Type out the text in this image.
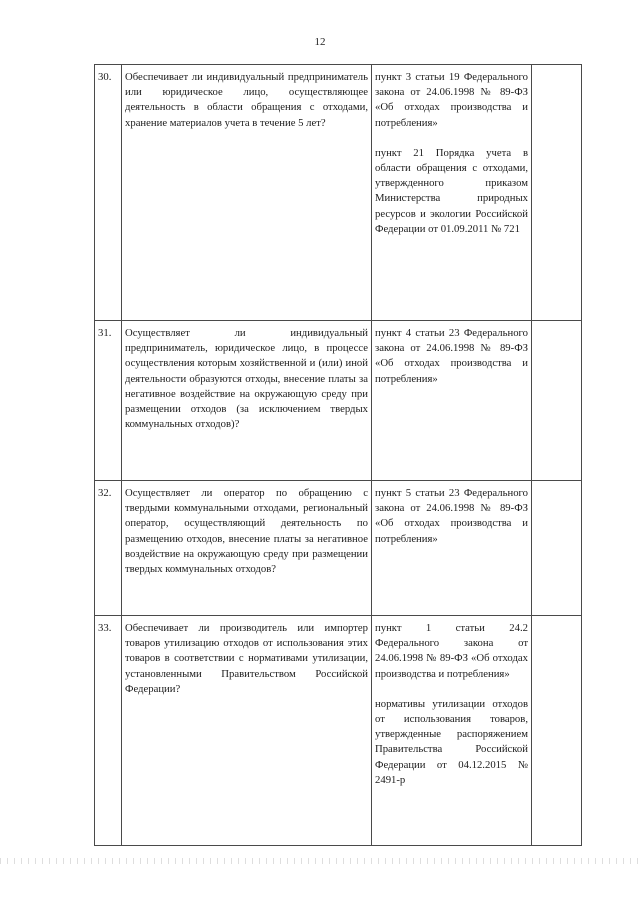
12
30.	Обеспечивает ли индивидуальный предприниматель или юридическое лицо, осуществляющее деятельность в области обращения с отходами, хранение материалов учета в течение 5 лет?	пункт 3 статьи 19 Федерального закона от 24.06.1998 № 89-ФЗ «Об отходах производства и потребления»

пункт 21 Порядка учета в области обращения с отходами, утвержденного приказом Министерства природных ресурсов и экологии Российской Федерации от 01.09.2011 № 721	

31.	Осуществляет ли индивидуальный предприниматель, юридическое лицо, в процессе осуществления которым хозяйственной и (или) иной деятельности образуются отходы, внесение платы за негативное воздействие на окружающую среду при размещении отходов (за исключением твердых коммунальных отходов)?	пункт 4 статьи 23 Федерального закона от 24.06.1998 № 89-ФЗ «Об отходах производства и потребления»	

32.	Осуществляет ли оператор по обращению с твердыми коммунальными отходами, региональный оператор, осуществляющий деятельность по размещению отходов, внесение платы за негативное воздействие на окружающую среду при размещении твердых коммунальных отходов?	пункт 5 статьи 23 Федерального закона от 24.06.1998 № 89-ФЗ «Об отходах производства и потребления»	

33.	Обеспечивает ли производитель или импортер товаров утилизацию отходов от использования этих товаров в соответствии с нормативами утилизации, установленными Правительством Российской Федерации?	пункт 1 статьи 24.2 Федерального закона от 24.06.1998 № 89-ФЗ «Об отходах производства и потребления»

нормативы утилизации отходов от использования товаров, утвержденные распоряжением Правительства Российской Федерации от 04.12.2015 № 2491-р	
